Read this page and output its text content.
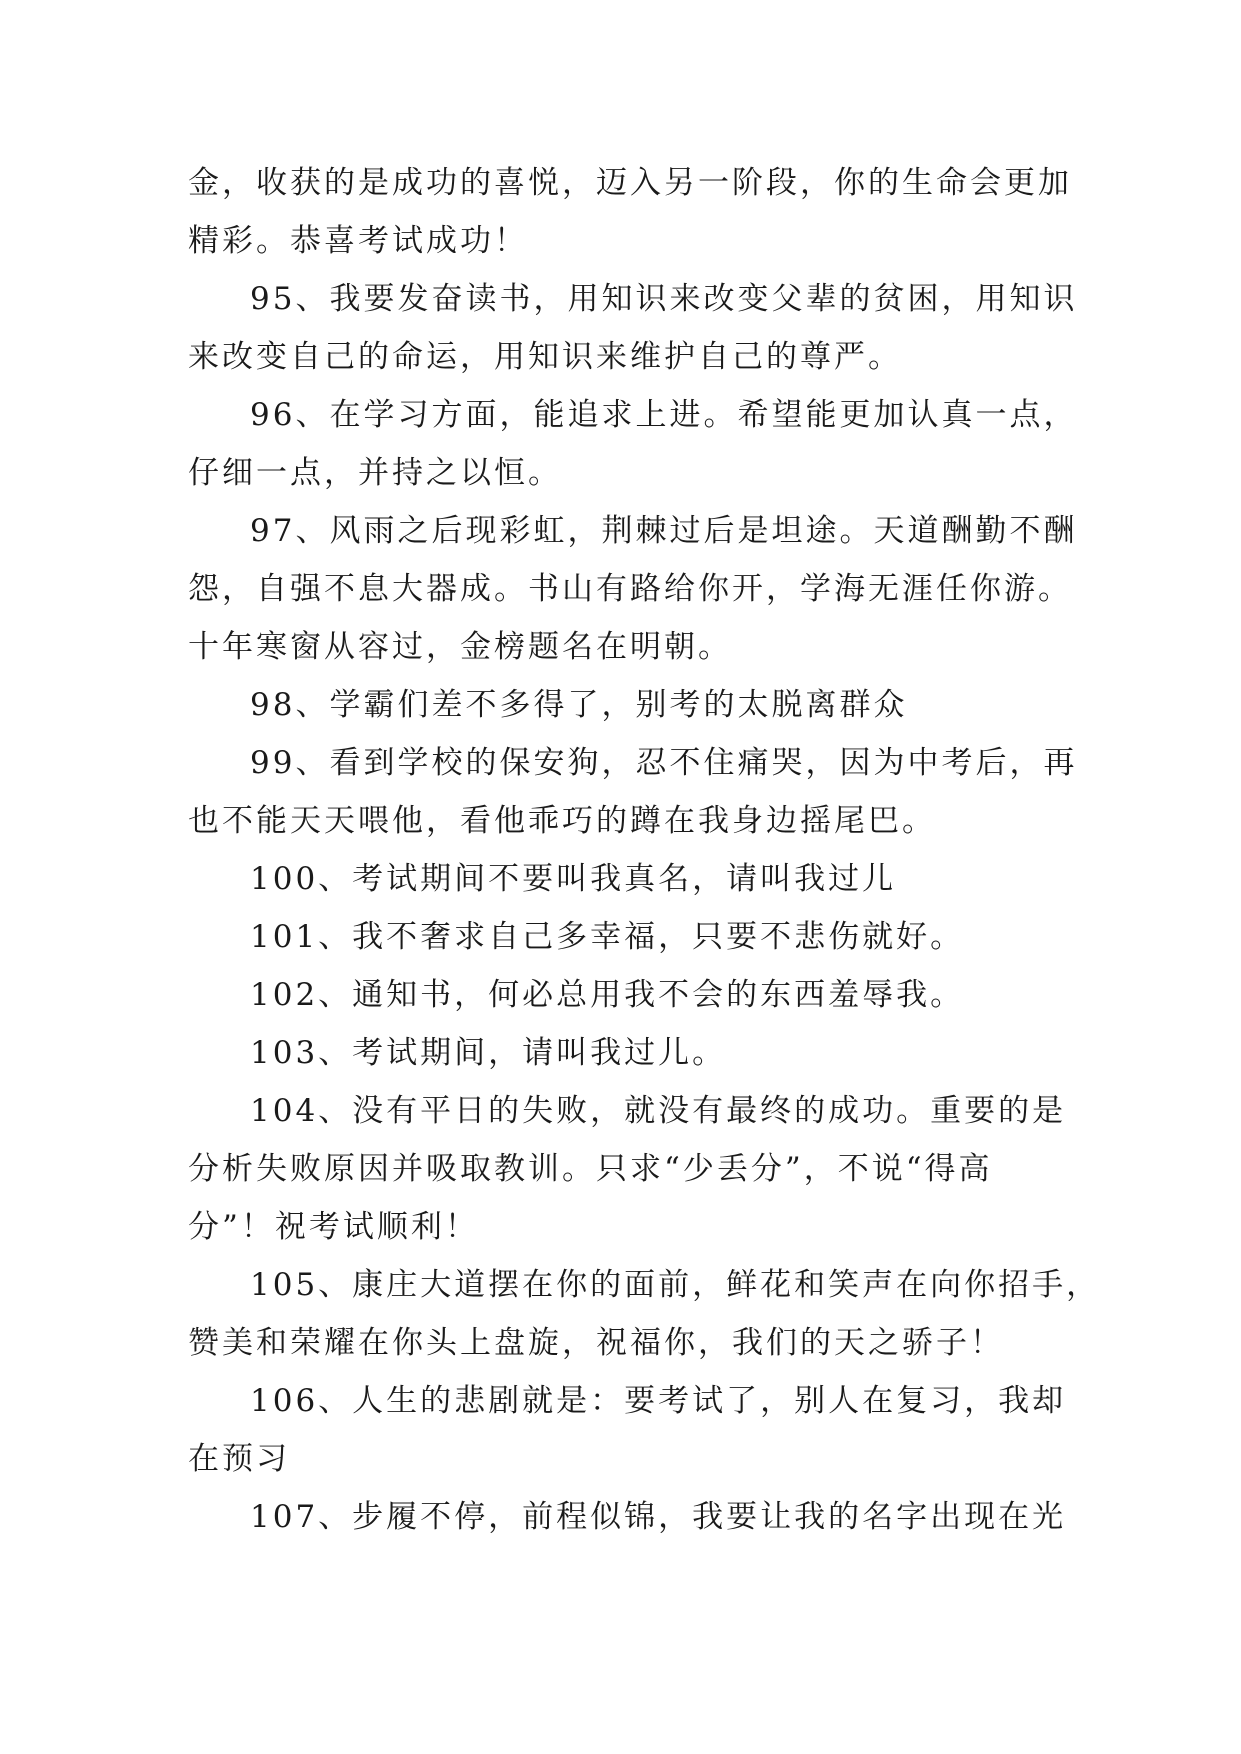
金，收获的是成功的喜悦，迈入另一阶段，你的生命会更加
精彩。恭喜考试成功！
95、我要发奋读书，用知识来改变父辈的贫困，用知识
来改变自己的命运，用知识来维护自己的尊严。
96、在学习方面，能追求上进。希望能更加认真一点，
仔细一点，并持之以恒。
97、风雨之后现彩虹，荆棘过后是坦途。天道酬勤不酬
怨，自强不息大器成。书山有路给你开，学海无涯任你游。
十年寒窗从容过，金榜题名在明朝。
98、学霸们差不多得了，别考的太脱离群众
99、看到学校的保安狗，忍不住痛哭，因为中考后，再
也不能天天喂他，看他乖巧的蹲在我身边摇尾巴。
100、考试期间不要叫我真名，请叫我过儿
101、我不奢求自己多幸福，只要不悲伤就好。
102、通知书，何必总用我不会的东西羞辱我。
103、考试期间，请叫我过儿。
104、没有平日的失败，就没有最终的成功。重要的是
分析失败原因并吸取教训。只求“少丢分”，不说“得高
分”！祝考试顺利！
105、康庄大道摆在你的面前，鲜花和笑声在向你招手，
赞美和荣耀在你头上盘旋，祝福你，我们的天之骄子！
106、人生的悲剧就是：要考试了，别人在复习，我却
在预习
107、步履不停，前程似锦，我要让我的名字出现在光
